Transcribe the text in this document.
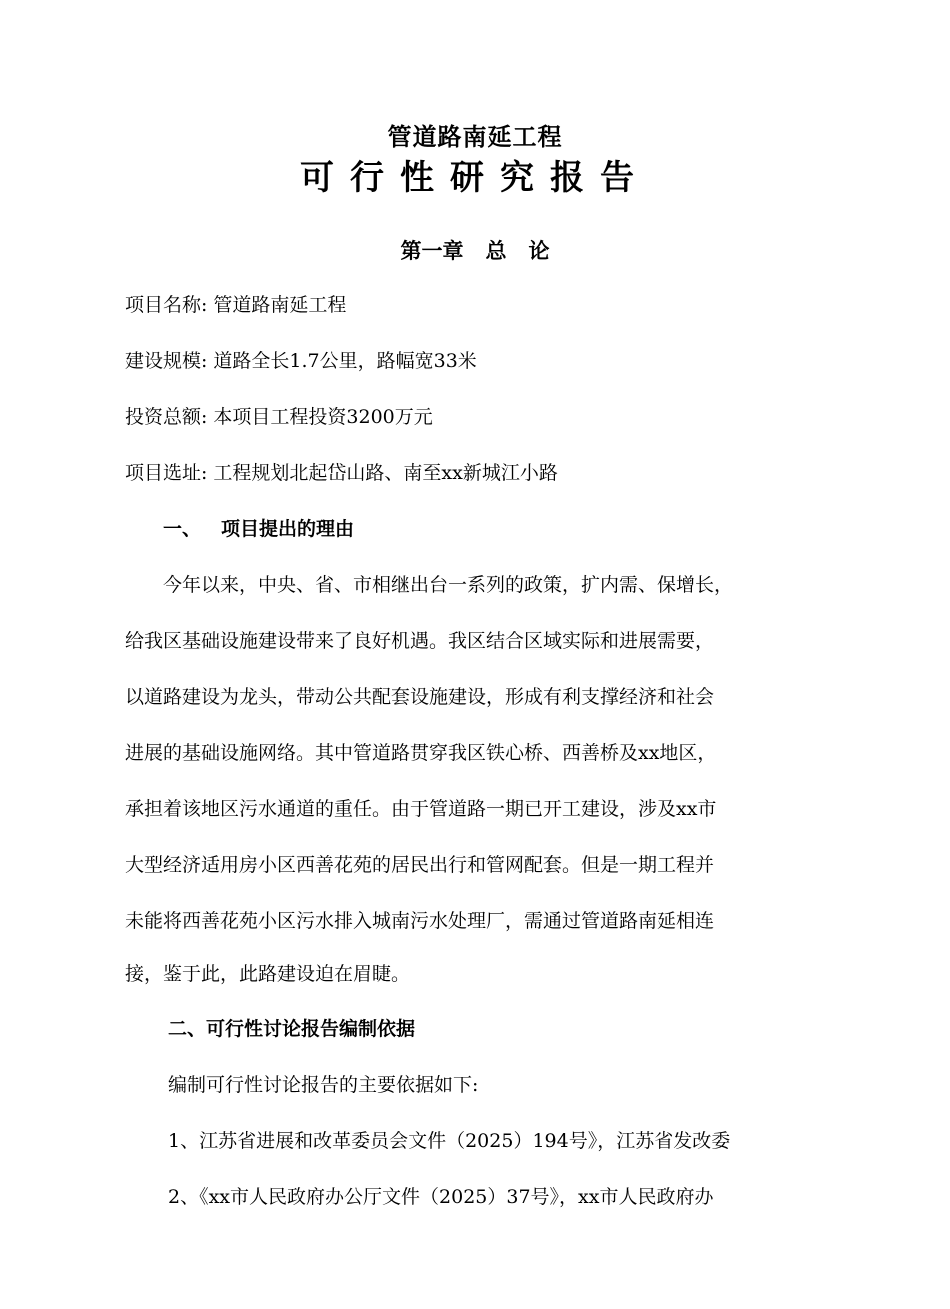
管道路南延工程
可行性研究报告
第一章 总 论
项目名称: 管道路南延工程
建设规模: 道路全长1.7公里，路幅宽33米
投资总额: 本项目工程投资3200万元
项目选址: 工程规划北起岱山路、南至xx新城江小路
一、 项目提出的理由
今年以来，中央、省、市相继出台一系列的政策，扩内需、保增长，
给我区基础设施建设带来了良好机遇。我区结合区域实际和进展需要，
以道路建设为龙头，带动公共配套设施建设，形成有利支撑经济和社会
进展的基础设施网络。其中管道路贯穿我区铁心桥、西善桥及xx地区，
承担着该地区污水通道的重任。由于管道路一期已开工建设，涉及xx市
大型经济适用房小区西善花苑的居民出行和管网配套。但是一期工程并
未能将西善花苑小区污水排入城南污水处理厂，需通过管道路南延相连
接，鉴于此，此路建设迫在眉睫。
二、可行性讨论报告编制依据
编制可行性讨论报告的主要依据如下:
1、江苏省进展和改革委员会文件（2025）194号》，江苏省发改委
2、《xx市人民政府办公厅文件（2025）37号》，xx市人民政府办
